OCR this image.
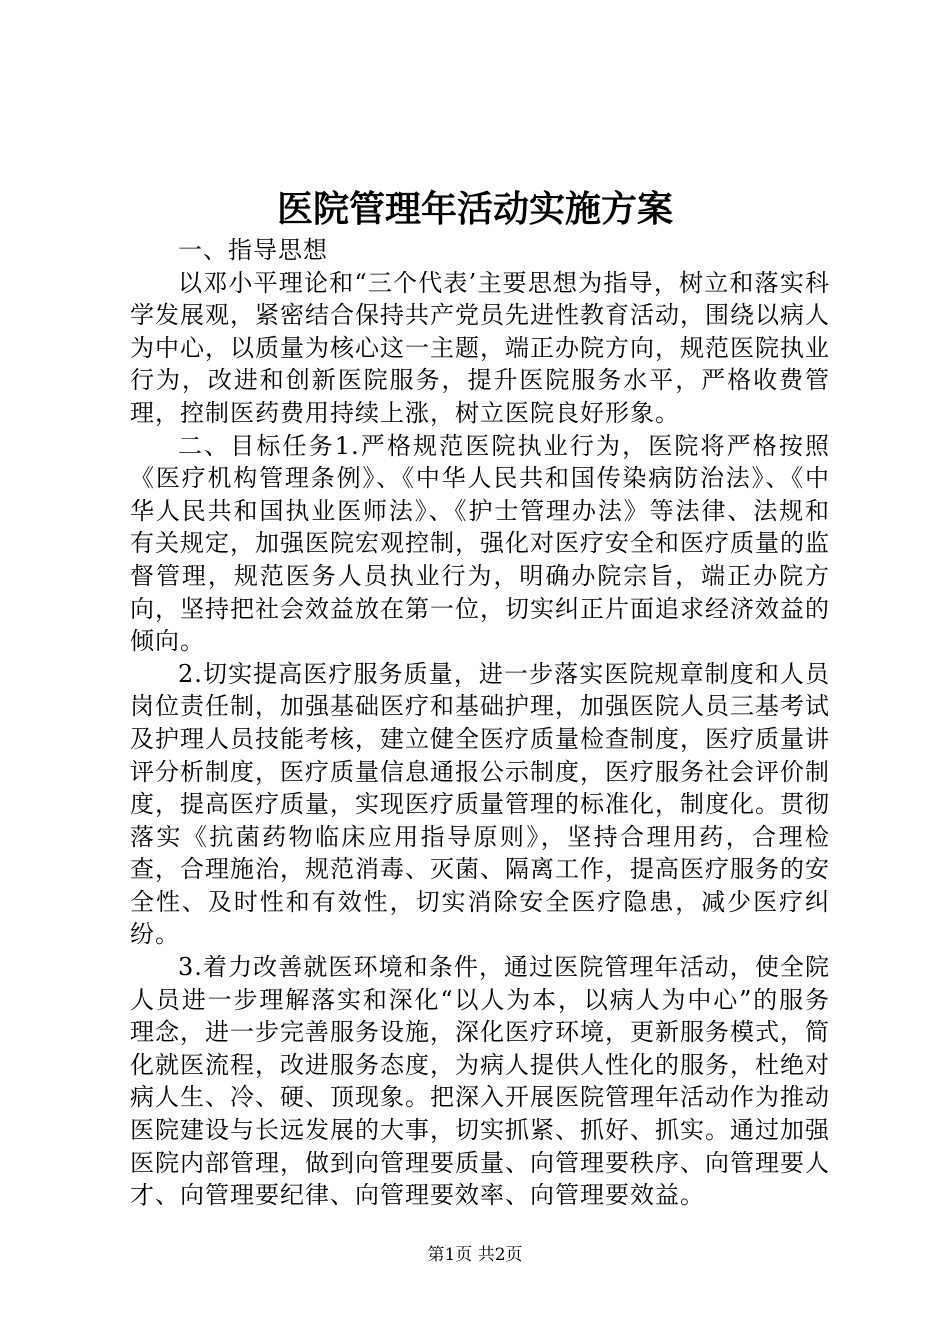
医院管理年活动实施方案

一、指导思想

以邓小平理论和“三个代表’主要思想为指导，树立和落实科学发展观，紧密结合保持共产党员先进性教育活动，围绕以病人为中心，以质量为核心这一主题，端正办院方向，规范医院执业行为，改进和创新医院服务，提升医院服务水平，严格收费管理，控制医药费用持续上涨，树立医院良好形象。

二、目标任务1.严格规范医院执业行为，医院将严格按照《医疗机构管理条例》、《中华人民共和国传染病防治法》、《中华人民共和国执业医师法》、《护士管理办法》等法律、法规和有关规定，加强医院宏观控制，强化对医疗安全和医疗质量的监督管理，规范医务人员执业行为，明确办院宗旨，端正办院方向，坚持把社会效益放在第一位，切实纠正片面追求经济效益的倾向。

2.切实提高医疗服务质量，进一步落实医院规章制度和人员岗位责任制，加强基础医疗和基础护理，加强医院人员三基考试及护理人员技能考核，建立健全医疗质量检查制度，医疗质量讲评分析制度，医疗质量信息通报公示制度，医疗服务社会评价制度，提高医疗质量，实现医疗质量管理的标准化，制度化。贯彻落实《抗菌药物临床应用指导原则》，坚持合理用药，合理检查，合理施治，规范消毒、灭菌、隔离工作，提高医疗服务的安全性、及时性和有效性，切实消除安全医疗隐患，减少医疗纠纷。

3.着力改善就医环境和条件，通过医院管理年活动，使全院人员进一步理解落实和深化“以人为本，以病人为中心”的服务理念，进一步完善服务设施，深化医疗环境，更新服务模式，简化就医流程，改进服务态度，为病人提供人性化的服务，杜绝对病人生、冷、硬、顶现象。把深入开展医院管理年活动作为推动医院建设与长远发展的大事，切实抓紧、抓好、抓实。通过加强医院内部管理，做到向管理要质量、向管理要秩序、向管理要人才、向管理要纪律、向管理要效率、向管理要效益。

第1页 共2页
